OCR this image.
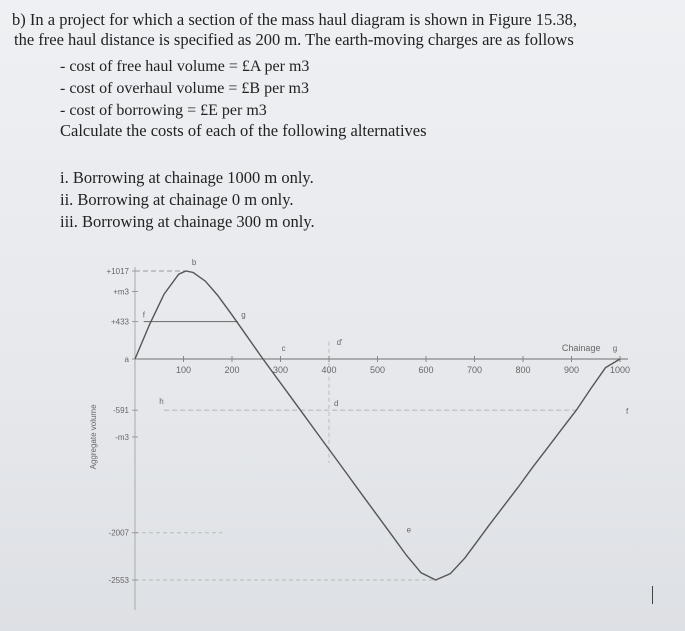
b) In a project for which a section of the mass haul diagram is shown in Figure 15.38,
the free haul distance is specified as 200 m. The earth-moving charges are as follows
- cost of free haul volume = £A per m3
- cost of overhaul volume = £B per m3
- cost of borrowing = £E per m3
Calculate the costs of each of the following alternatives
i. Borrowing at chainage 1000 m only.
ii. Borrowing at chainage 0 m only.
iii. Borrowing at chainage 300 m only.
100	200	300	400	500	600	700	800	900	1000
+1017
+m3
+433
a
-591
-m3
-2007
-2553
Aggregate volume
Chainage
b
f	g
c
d'
d
e
h
g
f
